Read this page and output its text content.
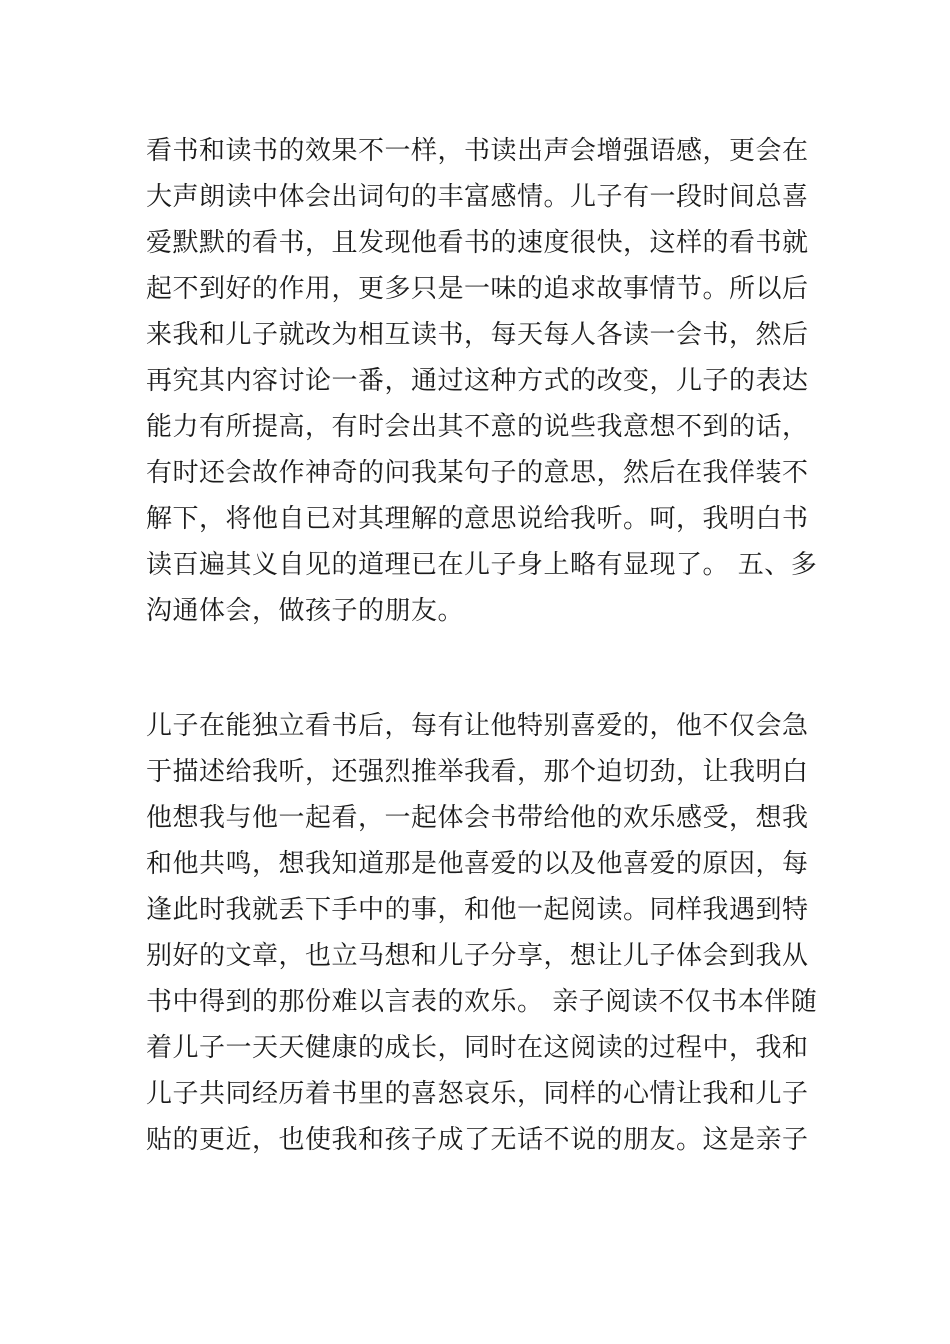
看书和读书的效果不一样，书读出声会增强语感，更会在
大声朗读中体会出词句的丰富感情。儿子有一段时间总喜
爱默默的看书，且发现他看书的速度很快，这样的看书就
起不到好的作用，更多只是一味的追求故事情节。所以后
来我和儿子就改为相互读书，每天每人各读一会书，然后
再究其内容讨论一番，通过这种方式的改变，儿子的表达
能力有所提高，有时会出其不意的说些我意想不到的话，
有时还会故作神奇的问我某句子的意思，然后在我佯装不
解下，将他自已对其理解的意思说给我听。呵，我明白书
读百遍其义自见的道理已在儿子身上略有显现了。 五、多
沟通体会，做孩子的朋友。
儿子在能独立看书后，每有让他特别喜爱的，他不仅会急
于描述给我听，还强烈推举我看，那个迫切劲，让我明白
他想我与他一起看，一起体会书带给他的欢乐感受，想我
和他共鸣，想我知道那是他喜爱的以及他喜爱的原因，每
逢此时我就丢下手中的事，和他一起阅读。同样我遇到特
别好的文章，也立马想和儿子分享，想让儿子体会到我从
书中得到的那份难以言表的欢乐。 亲子阅读不仅书本伴随
着儿子一天天健康的成长，同时在这阅读的过程中，我和
儿子共同经历着书里的喜怒哀乐，同样的心情让我和儿子
贴的更近，也使我和孩子成了无话不说的朋友。这是亲子
